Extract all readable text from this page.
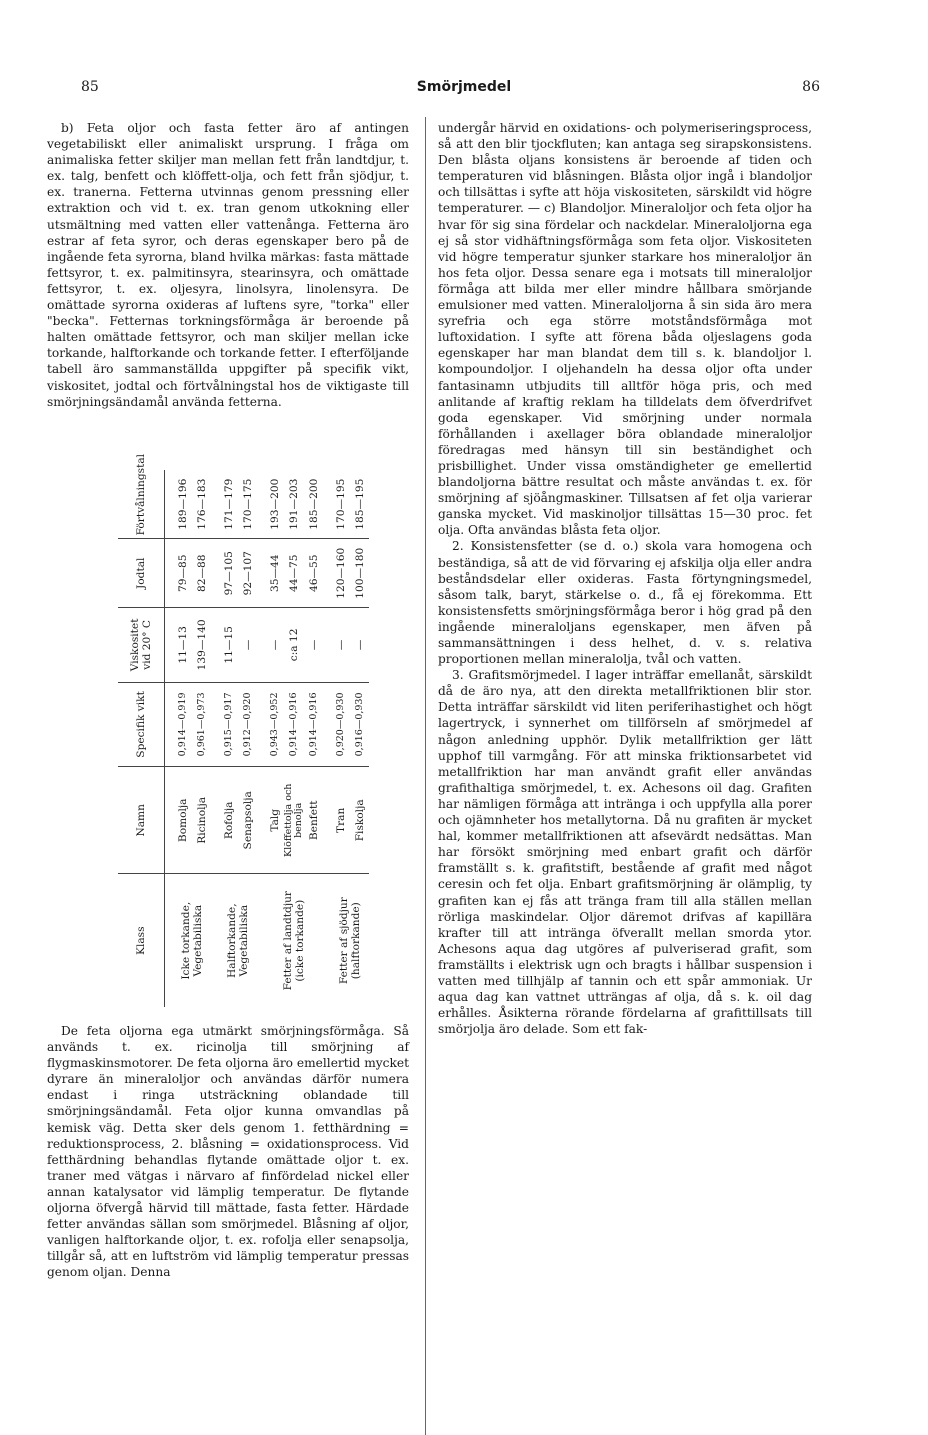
85	Smörjmedel	86

b) Feta oljor och fasta fetter äro af antingen vegetabiliskt eller animaliskt ursprung. I fråga om animaliska fetter skiljer man mellan fett från landtdjur, t. ex. talg, benfett och klöffett-olja, och fett från sjödjur, t. ex. tranerna. Fetterna utvinnas genom pressning eller extraktion och vid t. ex. tran genom utkokning eller utsmältning med vatten eller vattenånga. Fetterna äro estrar af feta syror, och deras egenskaper bero på de ingående feta syrorna, bland hvilka märkas: fasta mättade fettsyror, t. ex. palmitinsyra, stearinsyra, och omättade fettsyror, t. ex. oljesyra, linolsyra, linolensyra. De omättade syrorna oxideras af luftens syre, "torka" eller "becka". Fetternas torkningsförmåga är beroende på halten omättade fettsyror, och man skiljer mellan icke torkande, halftorkande och torkande fetter. I efterföljande tabell äro sammanställda uppgifter på specifik vikt, viskositet, jodtal och förtvålningstal hos de viktigaste till smörjningsändamål använda fetterna.

Klass	Namn	Specifik vikt	Viskositet vid 20° C	Jodtal	Förtvålningstal

Icke torkande, Vegetabiliska	Bomolja	0,914—0,919	11—13	79—85	189—196
	Ricinolja	0,961—0,973	139—140	82—88	176—183

Halftorkande, Vegetabiliska	Rofolja	0,915—0,917	11—15	97—105	171—179
	Senapsolja	0,912—0,920	—	92—107	170—175

Fetter af landtdjur (icke torkande)	Talg	0,943—0,952	—	35—44	193—200
	Klöffettolja och benolja	0,914—0,916	c:a 12	44—75	191—203
	Benfett	0,914—0,916	—	46—55	185—200

Fetter af sjödjur (halftorkande)	Tran	0,920—0,930	—	120—160	170—195
	Fiskolja	0,916—0,930	—	100—180	185—195

De feta oljorna ega utmärkt smörjningsförmåga. Så används t. ex. ricinolja till smörjning af flygmaskinsmotorer. De feta oljorna äro emellertid mycket dyrare än mineraloljor och användas därför numera endast i ringa utsträckning oblandade till smörjningsändamål. Feta oljor kunna omvandlas på kemisk väg. Detta sker dels genom 1. fetthärdning = reduktionsprocess, 2. blåsning = oxidationsprocess. Vid fetthärdning behandlas flytande omättade oljor t. ex. traner med vätgas i närvaro af finfördelad nickel eller annan katalysator vid lämplig temperatur. De flytande oljorna öfvergå härvid till mättade, fasta fetter. Härdade fetter användas sällan som smörjmedel. Blåsning af oljor, vanligen halftorkande oljor, t. ex. rofolja eller senapsolja, tillgår så, att en luftström vid lämplig temperatur pressas genom oljan. Denna

undergår härvid en oxidations- och polymeriseringsprocess, så att den blir tjockfluten; kan antaga seg sirapskonsistens. Den blåsta oljans konsistens är beroende af tiden och temperaturen vid blåsningen. Blåsta oljor ingå i blandoljor och tillsättas i syfte att höja viskositeten, särskildt vid högre temperaturer. — c) Blandoljor. Mineraloljor och feta oljor ha hvar för sig sina fördelar och nackdelar. Mineraloljorna ega ej så stor vidhäftningsförmåga som feta oljor. Viskositeten vid högre temperatur sjunker starkare hos mineraloljor än hos feta oljor. Dessa senare ega i motsats till mineraloljor förmåga att bilda mer eller mindre hållbara smörjande emulsioner med vatten. Mineraloljorna å sin sida äro mera syrefria och ega större motståndsförmåga mot luftoxidation. I syfte att förena båda oljeslagens goda egenskaper har man blandat dem till s. k. blandoljor l. kompoundoljor. I oljehandeln ha dessa oljor ofta under fantasinamn utbjudits till alltför höga pris, och med anlitande af kraftig reklam ha tilldelats dem öfverdrifvet goda egenskaper. Vid smörjning under normala förhållanden i axellager böra oblandade mineraloljor föredragas med hänsyn till sin beständighet och prisbillighet. Under vissa omständigheter ge emellertid blandoljorna bättre resultat och måste användas t. ex. för smörjning af sjöångmaskiner. Tillsatsen af fet olja varierar ganska mycket. Vid maskinoljor tillsättas 15—30 proc. fet olja. Ofta användas blåsta feta oljor.

2. Konsistensfetter (se d. o.) skola vara homogena och beständiga, så att de vid förvaring ej afskilja olja eller andra beståndsdelar eller oxideras. Fasta förtyngningsmedel, såsom talk, baryt, stärkelse o. d., få ej förekomma. Ett konsistensfetts smörjningsförmåga beror i hög grad på den ingående mineraloljans egenskaper, men äfven på sammansättningen i dess helhet, d. v. s. relativa proportionen mellan mineralolja, tvål och vatten.

3. Grafitsmörjmedel. I lager inträffar emellanåt, särskildt då de äro nya, att den direkta metallfriktionen blir stor. Detta inträffar särskildt vid liten periferihastighet och högt lagertryck, i synnerhet om tillförseln af smörjmedel af någon anledning upphör. Dylik metallfriktion ger lätt upphof till varmgång. För att minska friktionsarbetet vid metallfriktion har man användt grafit eller användas grafithaltiga smörjmedel, t. ex. Achesons oil dag. Grafiten har nämligen förmåga att intränga i och uppfylla alla porer och ojämnheter hos metallytorna. Då nu grafiten är mycket hal, kommer metallfriktionen att afsevärdt nedsättas. Man har försökt smörjning med enbart grafit och därför framställt s. k. grafitstift, bestående af grafit med något ceresin och fet olja. Enbart grafitsmörjning är olämplig, ty grafiten kan ej fås att tränga fram till alla ställen mellan rörliga maskindelar. Oljor däremot drifvas af kapillära krafter till att intränga öfverallt mellan smorda ytor. Achesons aqua dag utgöres af pulveriserad grafit, som framställts i elektrisk ugn och bragts i hållbar suspension i vatten med tillhjälp af tannin och ett spår ammoniak. Ur aqua dag kan vattnet utträngas af olja, då s. k. oil dag erhålles. Åsikterna rörande fördelarna af grafittillsats till smörjolja äro delade. Som ett fak-
